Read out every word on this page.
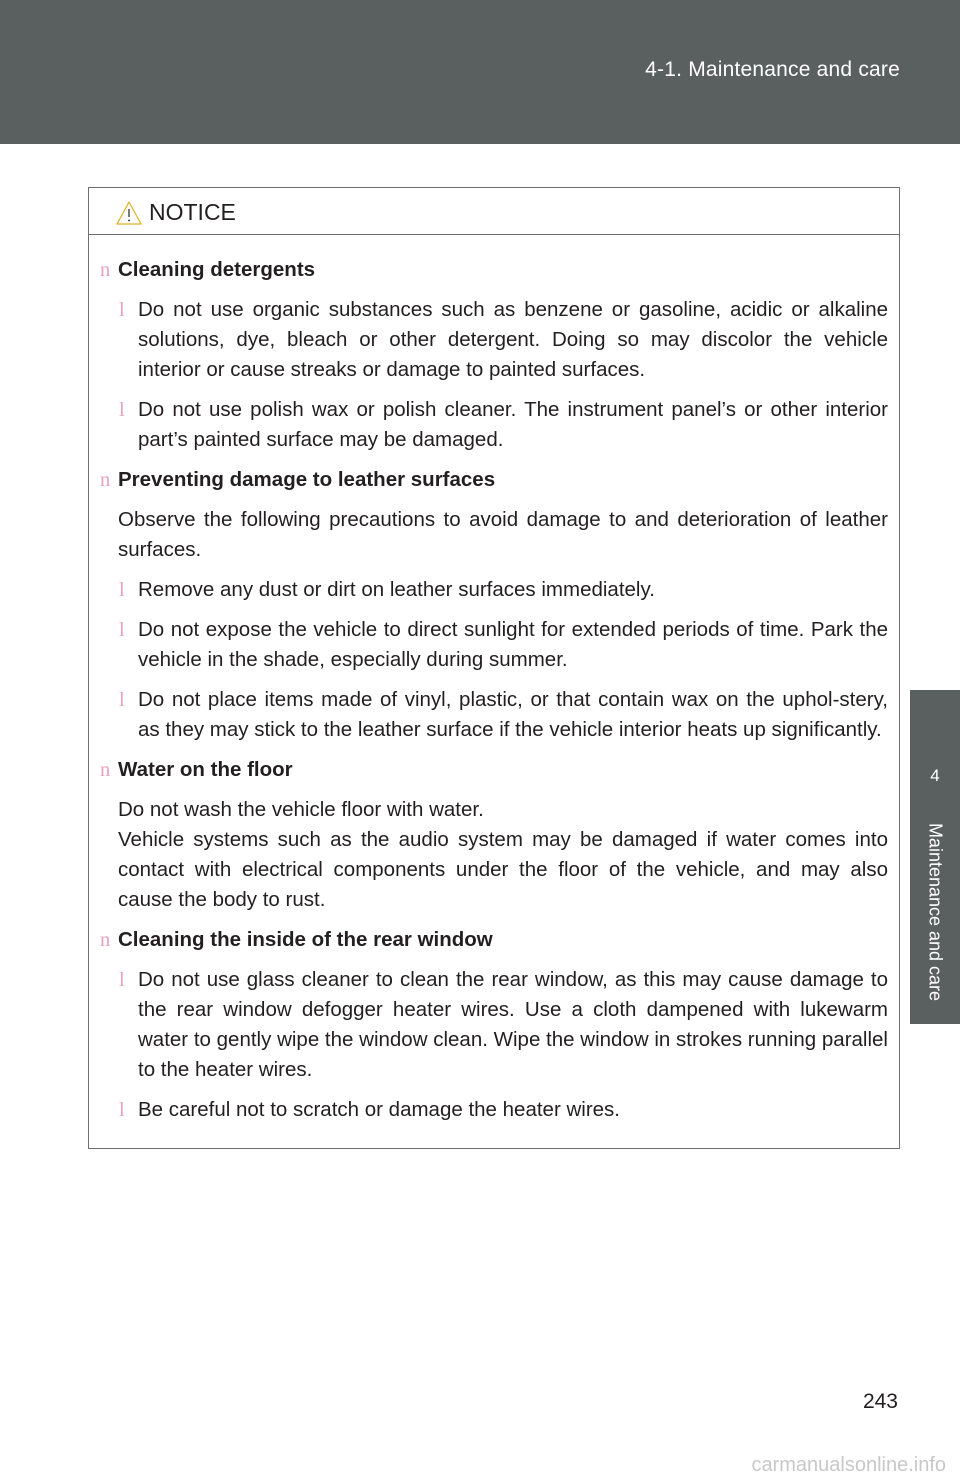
4-1. Maintenance and care
4
Maintenance and care
NOTICE
n Cleaning detergents
l Do not use organic substances such as benzene or gasoline, acidic or alkaline solutions, dye, bleach or other detergent. Doing so may discolor the vehicle interior or cause streaks or damage to painted surfaces.
l Do not use polish wax or polish cleaner. The instrument panel’s or other interior part’s painted surface may be damaged.
n Preventing damage to leather surfaces
Observe the following precautions to avoid damage to and deterioration of leather surfaces.
l Remove any dust or dirt on leather surfaces immediately.
l Do not expose the vehicle to direct sunlight for extended periods of time. Park the vehicle in the shade, especially during summer.
l Do not place items made of vinyl, plastic, or that contain wax on the uphol-stery, as they may stick to the leather surface if the vehicle interior heats up significantly.
n Water on the floor
Do not wash the vehicle floor with water.
Vehicle systems such as the audio system may be damaged if water comes into contact with electrical components under the floor of the vehicle, and may also cause the body to rust.
n Cleaning the inside of the rear window
l Do not use glass cleaner to clean the rear window, as this may cause damage to the rear window defogger heater wires. Use a cloth dampened with lukewarm water to gently wipe the window clean. Wipe the window in strokes running parallel to the heater wires.
l Be careful not to scratch or damage the heater wires.
243
carmanualsonline.info
